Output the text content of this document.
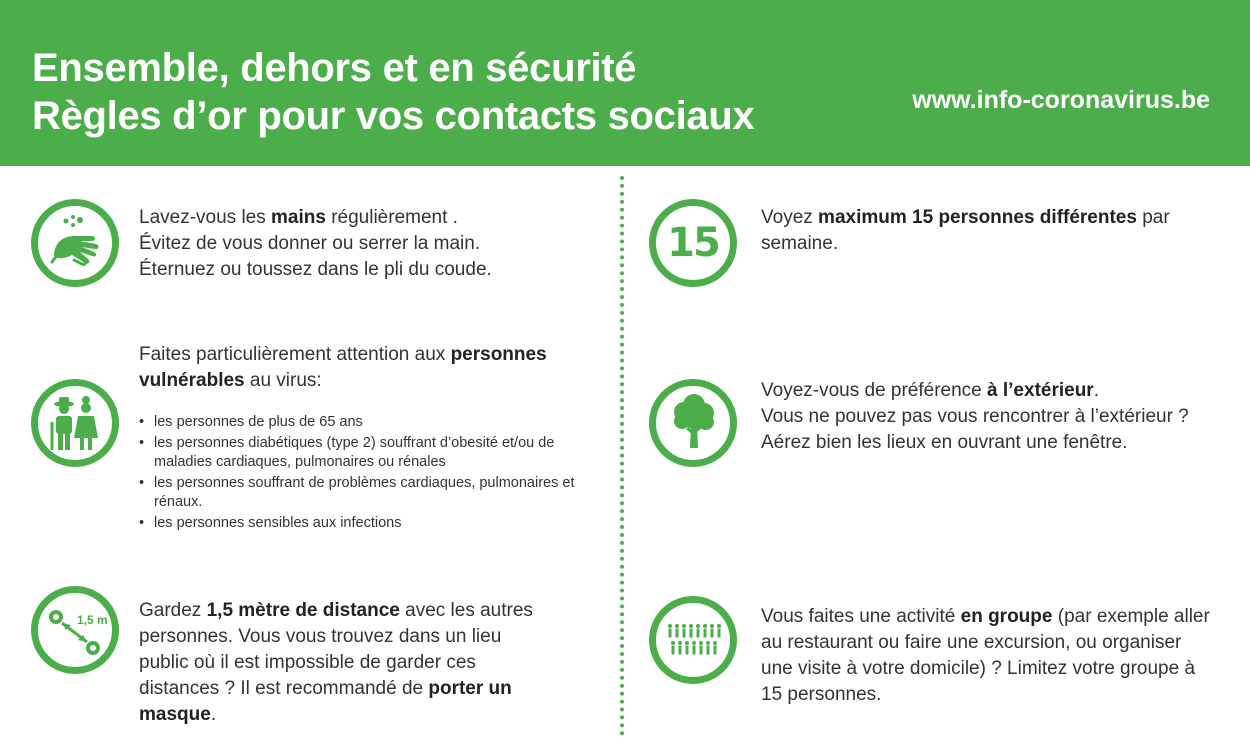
Ensemble, dehors et en sécurité
Règles d’or pour vos contacts sociaux	www.info-coronavirus.be
Lavez-vous les mains régulièrement .
Évitez de vous donner ou serrer la main.
Éternuez ou toussez dans le pli du coude.
Faites particulièrement attention aux personnes
vulnérables au virus:
• les personnes de plus de 65 ans
• les personnes diabétiques (type 2) souffrant d’obesité et/ou de maladies cardiaques, pulmonaires ou rénales
• les personnes souffrant de problèmes cardiaques, pulmonaires et rénaux.
• les personnes sensibles aux infections
1,5 m Gardez 1,5 mètre de distance avec les autres personnes. Vous vous trouvez dans un lieu public où il est impossible de garder ces distances ? Il est recommandé de porter un masque.
15
Voyez maximum 15 personnes différentes par semaine.
Voyez-vous de préférence à l’extérieur.
Vous ne pouvez pas vous rencontrer à l’extérieur ? Aérez bien les lieux en ouvrant une fenêtre.
Vous faites une activité en groupe (par exemple aller au restaurant ou faire une excursion, ou organiser une visite à votre domicile) ? Limitez votre groupe à 15 personnes.
